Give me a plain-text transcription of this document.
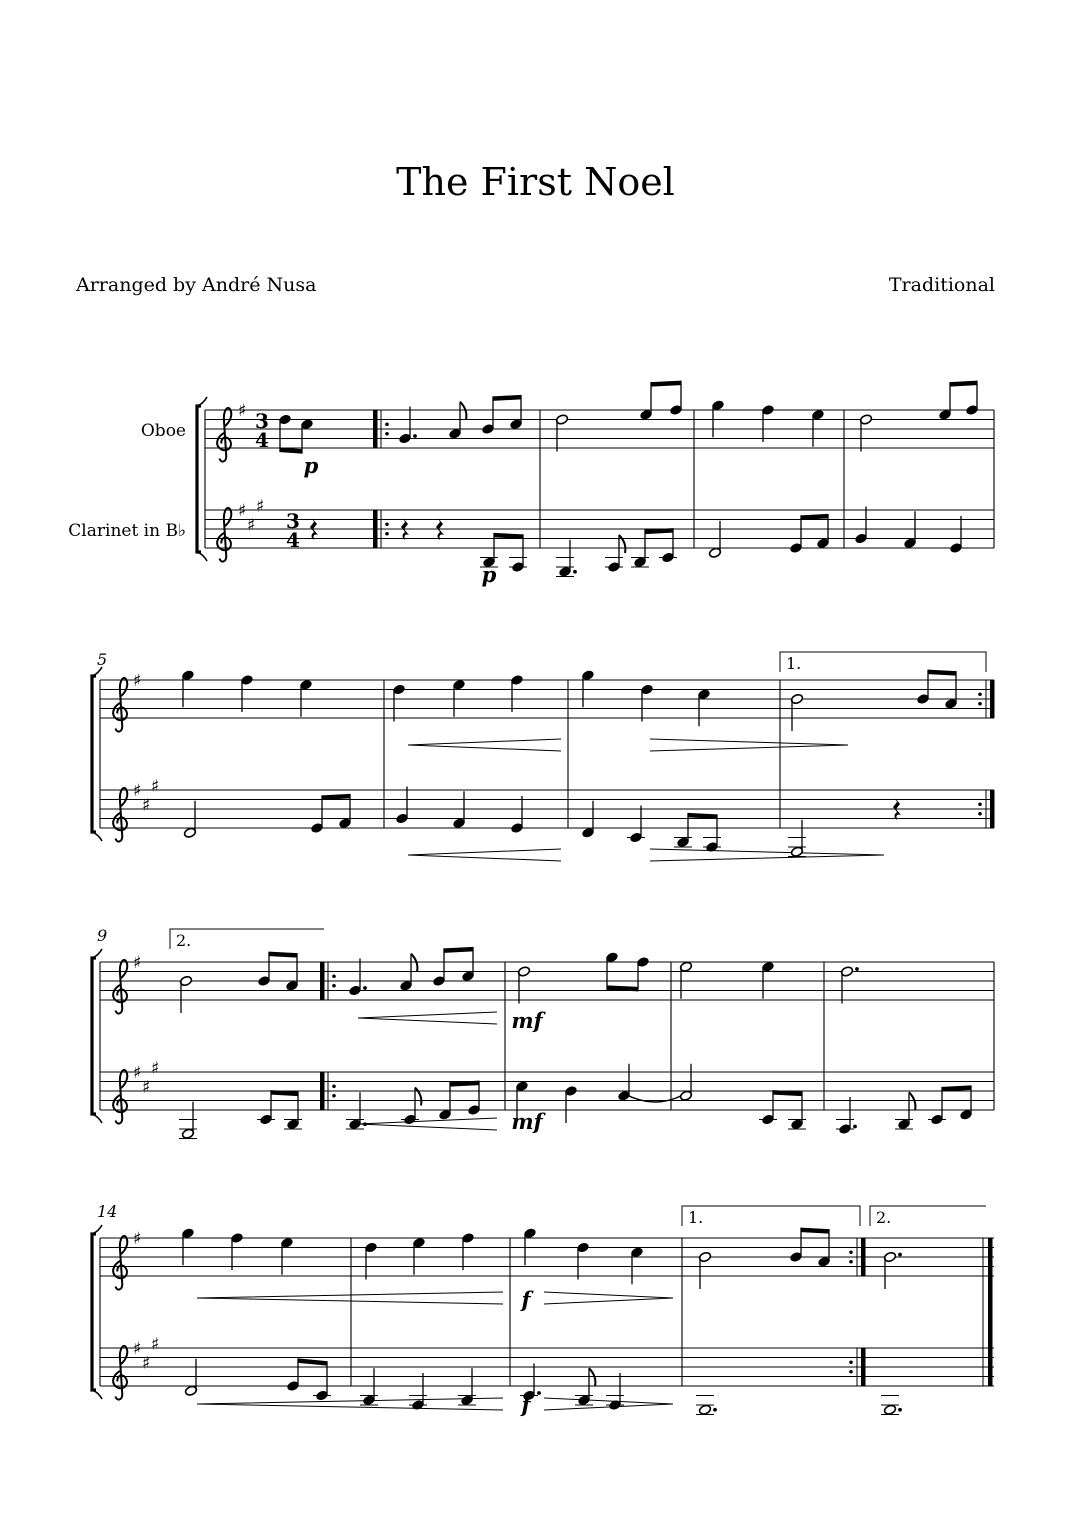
The First Noel
Arranged by André Nusa	Traditional
♯
♯
♯
♯
3
4
3
4
Oboe
Clarinet in B♭
p
p
5
♯
♯
♯
♯
1.
9
♯
♯
♯
♯
2.
mf
mf
14
♯
♯
♯
♯
1.	2.
f
f
